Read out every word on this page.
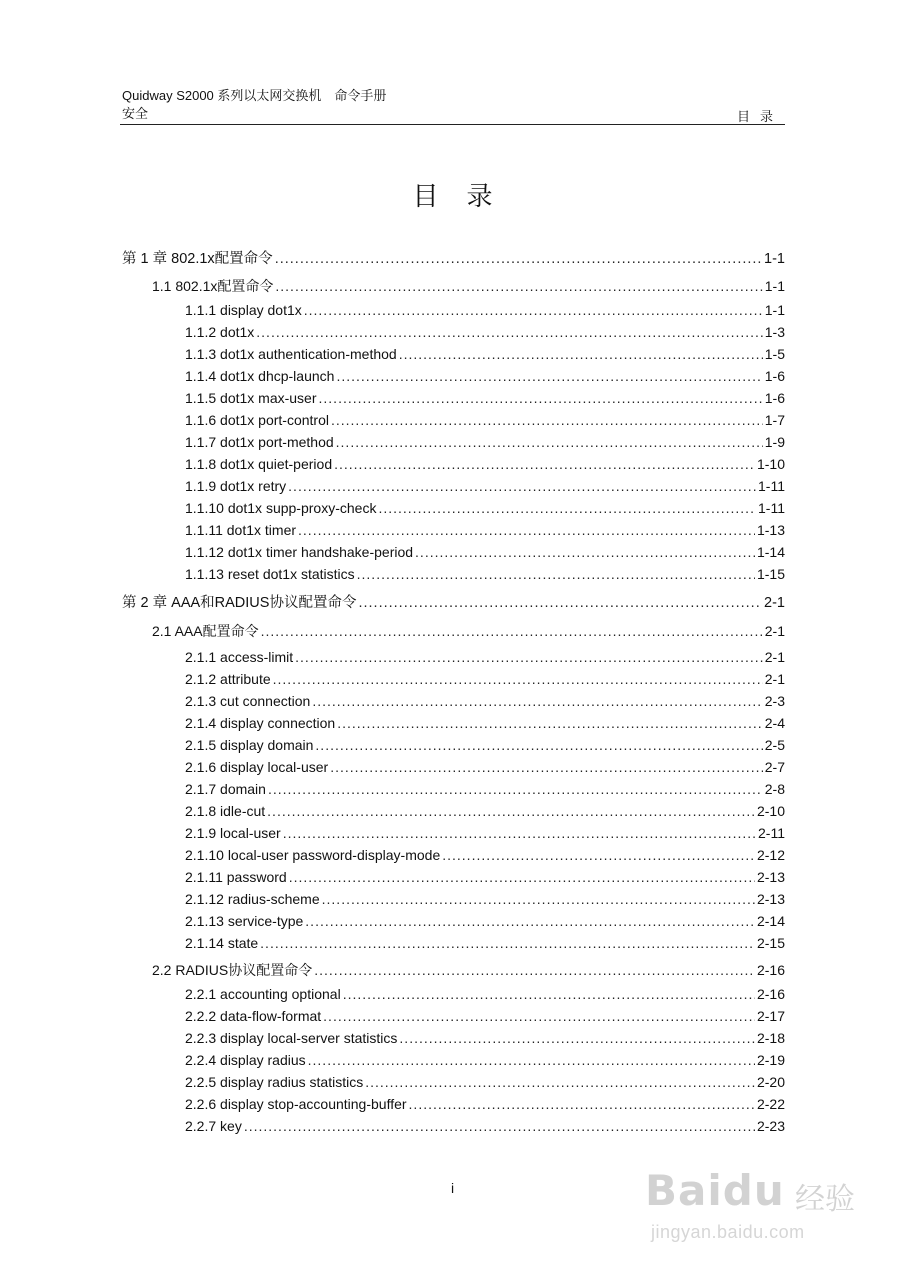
Quidway S2000 系列以太网交换机　命令手册
安全	目录
目录
第 1 章 802.1x配置命令 .....	1-1
1.1 802.1x配置命令 .....	1-1
1.1.1 display dot1x .....	1-1
1.1.2 dot1x .....	1-3
1.1.3 dot1x authentication-method .....	1-5
1.1.4 dot1x dhcp-launch .....	1-6
1.1.5 dot1x max-user .....	1-6
1.1.6 dot1x port-control .....	1-7
1.1.7 dot1x port-method .....	1-9
1.1.8 dot1x quiet-period .....	1-10
1.1.9 dot1x retry .....	1-11
1.1.10 dot1x supp-proxy-check .....	1-11
1.1.11 dot1x timer .....	1-13
1.1.12 dot1x timer handshake-period .....	1-14
1.1.13 reset dot1x statistics .....	1-15
第 2 章 AAA和RADIUS协议配置命令 .....	2-1
2.1 AAA配置命令 .....	2-1
2.1.1 access-limit .....	2-1
2.1.2 attribute .....	2-1
2.1.3 cut connection .....	2-3
2.1.4 display connection .....	2-4
2.1.5 display domain .....	2-5
2.1.6 display local-user .....	2-7
2.1.7 domain .....	2-8
2.1.8 idle-cut .....	2-10
2.1.9 local-user .....	2-11
2.1.10 local-user password-display-mode .....	2-12
2.1.11 password .....	2-13
2.1.12 radius-scheme .....	2-13
2.1.13 service-type .....	2-14
2.1.14 state .....	2-15
2.2 RADIUS协议配置命令 .....	2-16
2.2.1 accounting optional .....	2-16
2.2.2 data-flow-format .....	2-17
2.2.3 display local-server statistics .....	2-18
2.2.4 display radius .....	2-19
2.2.5 display radius statistics .....	2-20
2.2.6 display stop-accounting-buffer .....	2-22
2.2.7 key .....	2-23
i	Baidu 经验
jingyan.baidu.com
